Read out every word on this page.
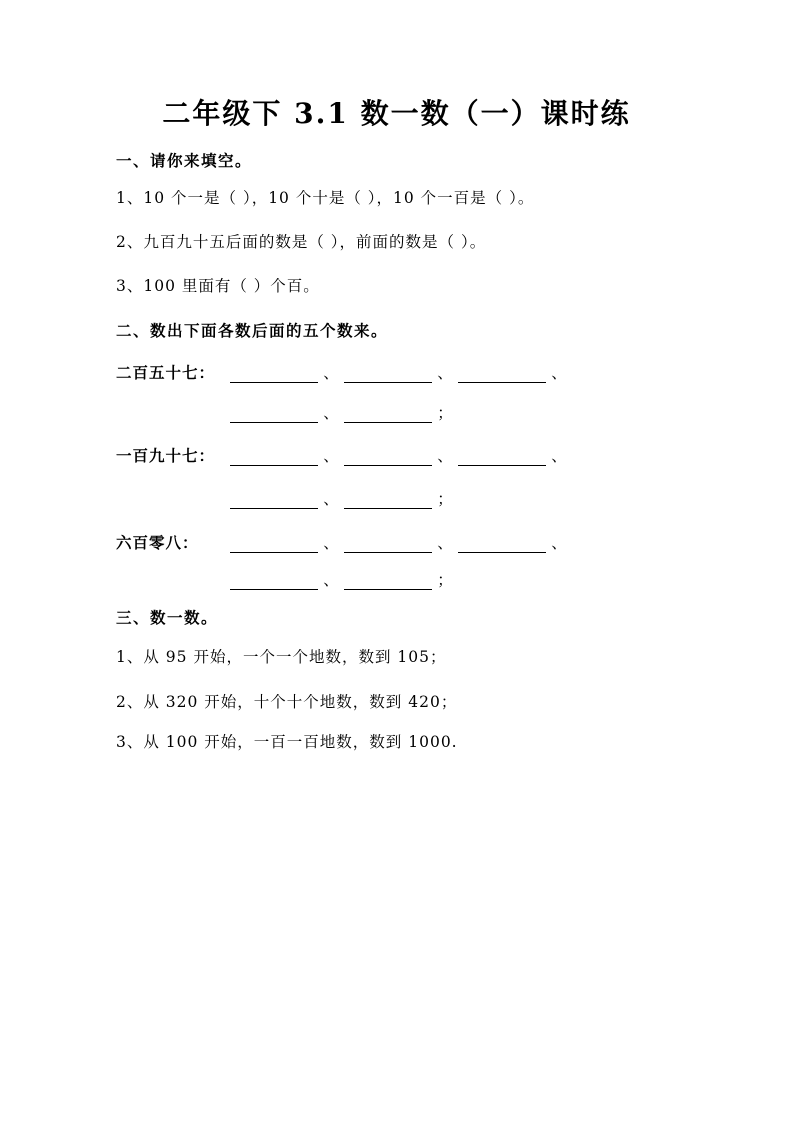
二年级下 3.1 数一数（一）课时练
一、请你来填空。
1、10 个一是（ ），10 个十是（ ），10 个一百是（ ）。
2、九百九十五后面的数是（ ），前面的数是（ ）。
3、100 里面有（ ）个百。
二、数出下面各数后面的五个数来。
二百五十七：	、	、	、
、	；
一百九十七：	、	、	、
、	；
六百零八：	、	、	、
、	；
三、数一数。
1、从 95 开始，一个一个地数，数到 105；
2、从 320 开始，十个十个地数，数到 420；
3、从 100 开始，一百一百地数，数到 1000.
